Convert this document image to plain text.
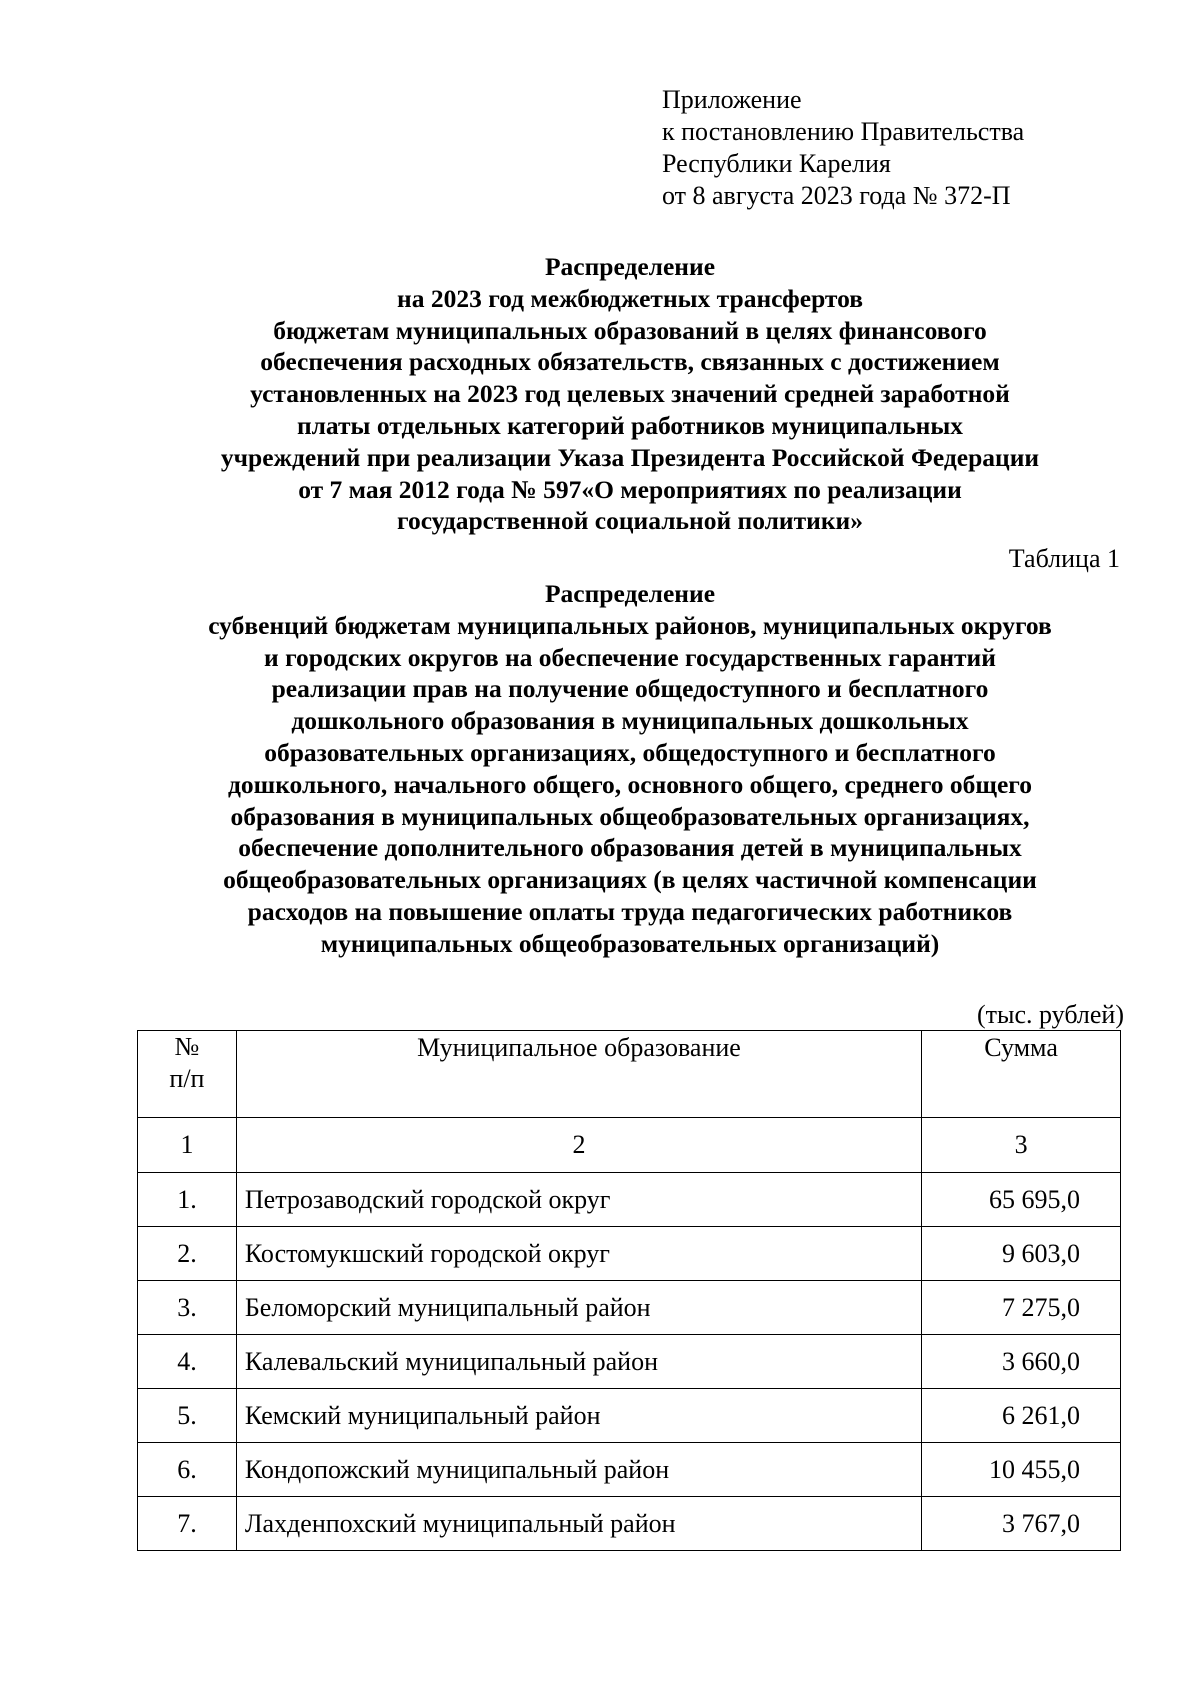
Приложение
к постановлению Правительства
Республики Карелия
от 8 августа 2023 года № 372-П
Распределение
на 2023 год межбюджетных трансфертов
бюджетам муниципальных образований в целях финансового
обеспечения расходных обязательств, связанных с достижением
установленных на 2023 год целевых значений средней заработной
платы отдельных категорий работников муниципальных
учреждений при реализации Указа Президента Российской Федерации
от 7 мая 2012 года № 597«О мероприятиях по реализации
государственной социальной политики»
Таблица 1
Распределение
субвенций бюджетам муниципальных районов, муниципальных округов
и городских округов на обеспечение государственных гарантий
реализации прав на получение общедоступного и бесплатного
дошкольного образования в муниципальных дошкольных
образовательных организациях, общедоступного и бесплатного
дошкольного, начального общего, основного общего, среднего общего
образования в муниципальных общеобразовательных организациях,
обеспечение дополнительного образования детей в муниципальных
общеобразовательных организациях (в целях частичной компенсации
расходов на повышение оплаты труда педагогических работников
муниципальных общеобразовательных организаций)
(тыс. рублей)
№
п/п	Муниципальное образование	Сумма
1	2	3
1.	Петрозаводский городской округ	65 695,0
2.	Костомукшский городской округ	9 603,0
3.	Беломорский муниципальный район	7 275,0
4.	Калевальский муниципальный район	3 660,0
5.	Кемский муниципальный район	6 261,0
6.	Кондопожский муниципальный район	10 455,0
7.	Лахденпохский муниципальный район	3 767,0
